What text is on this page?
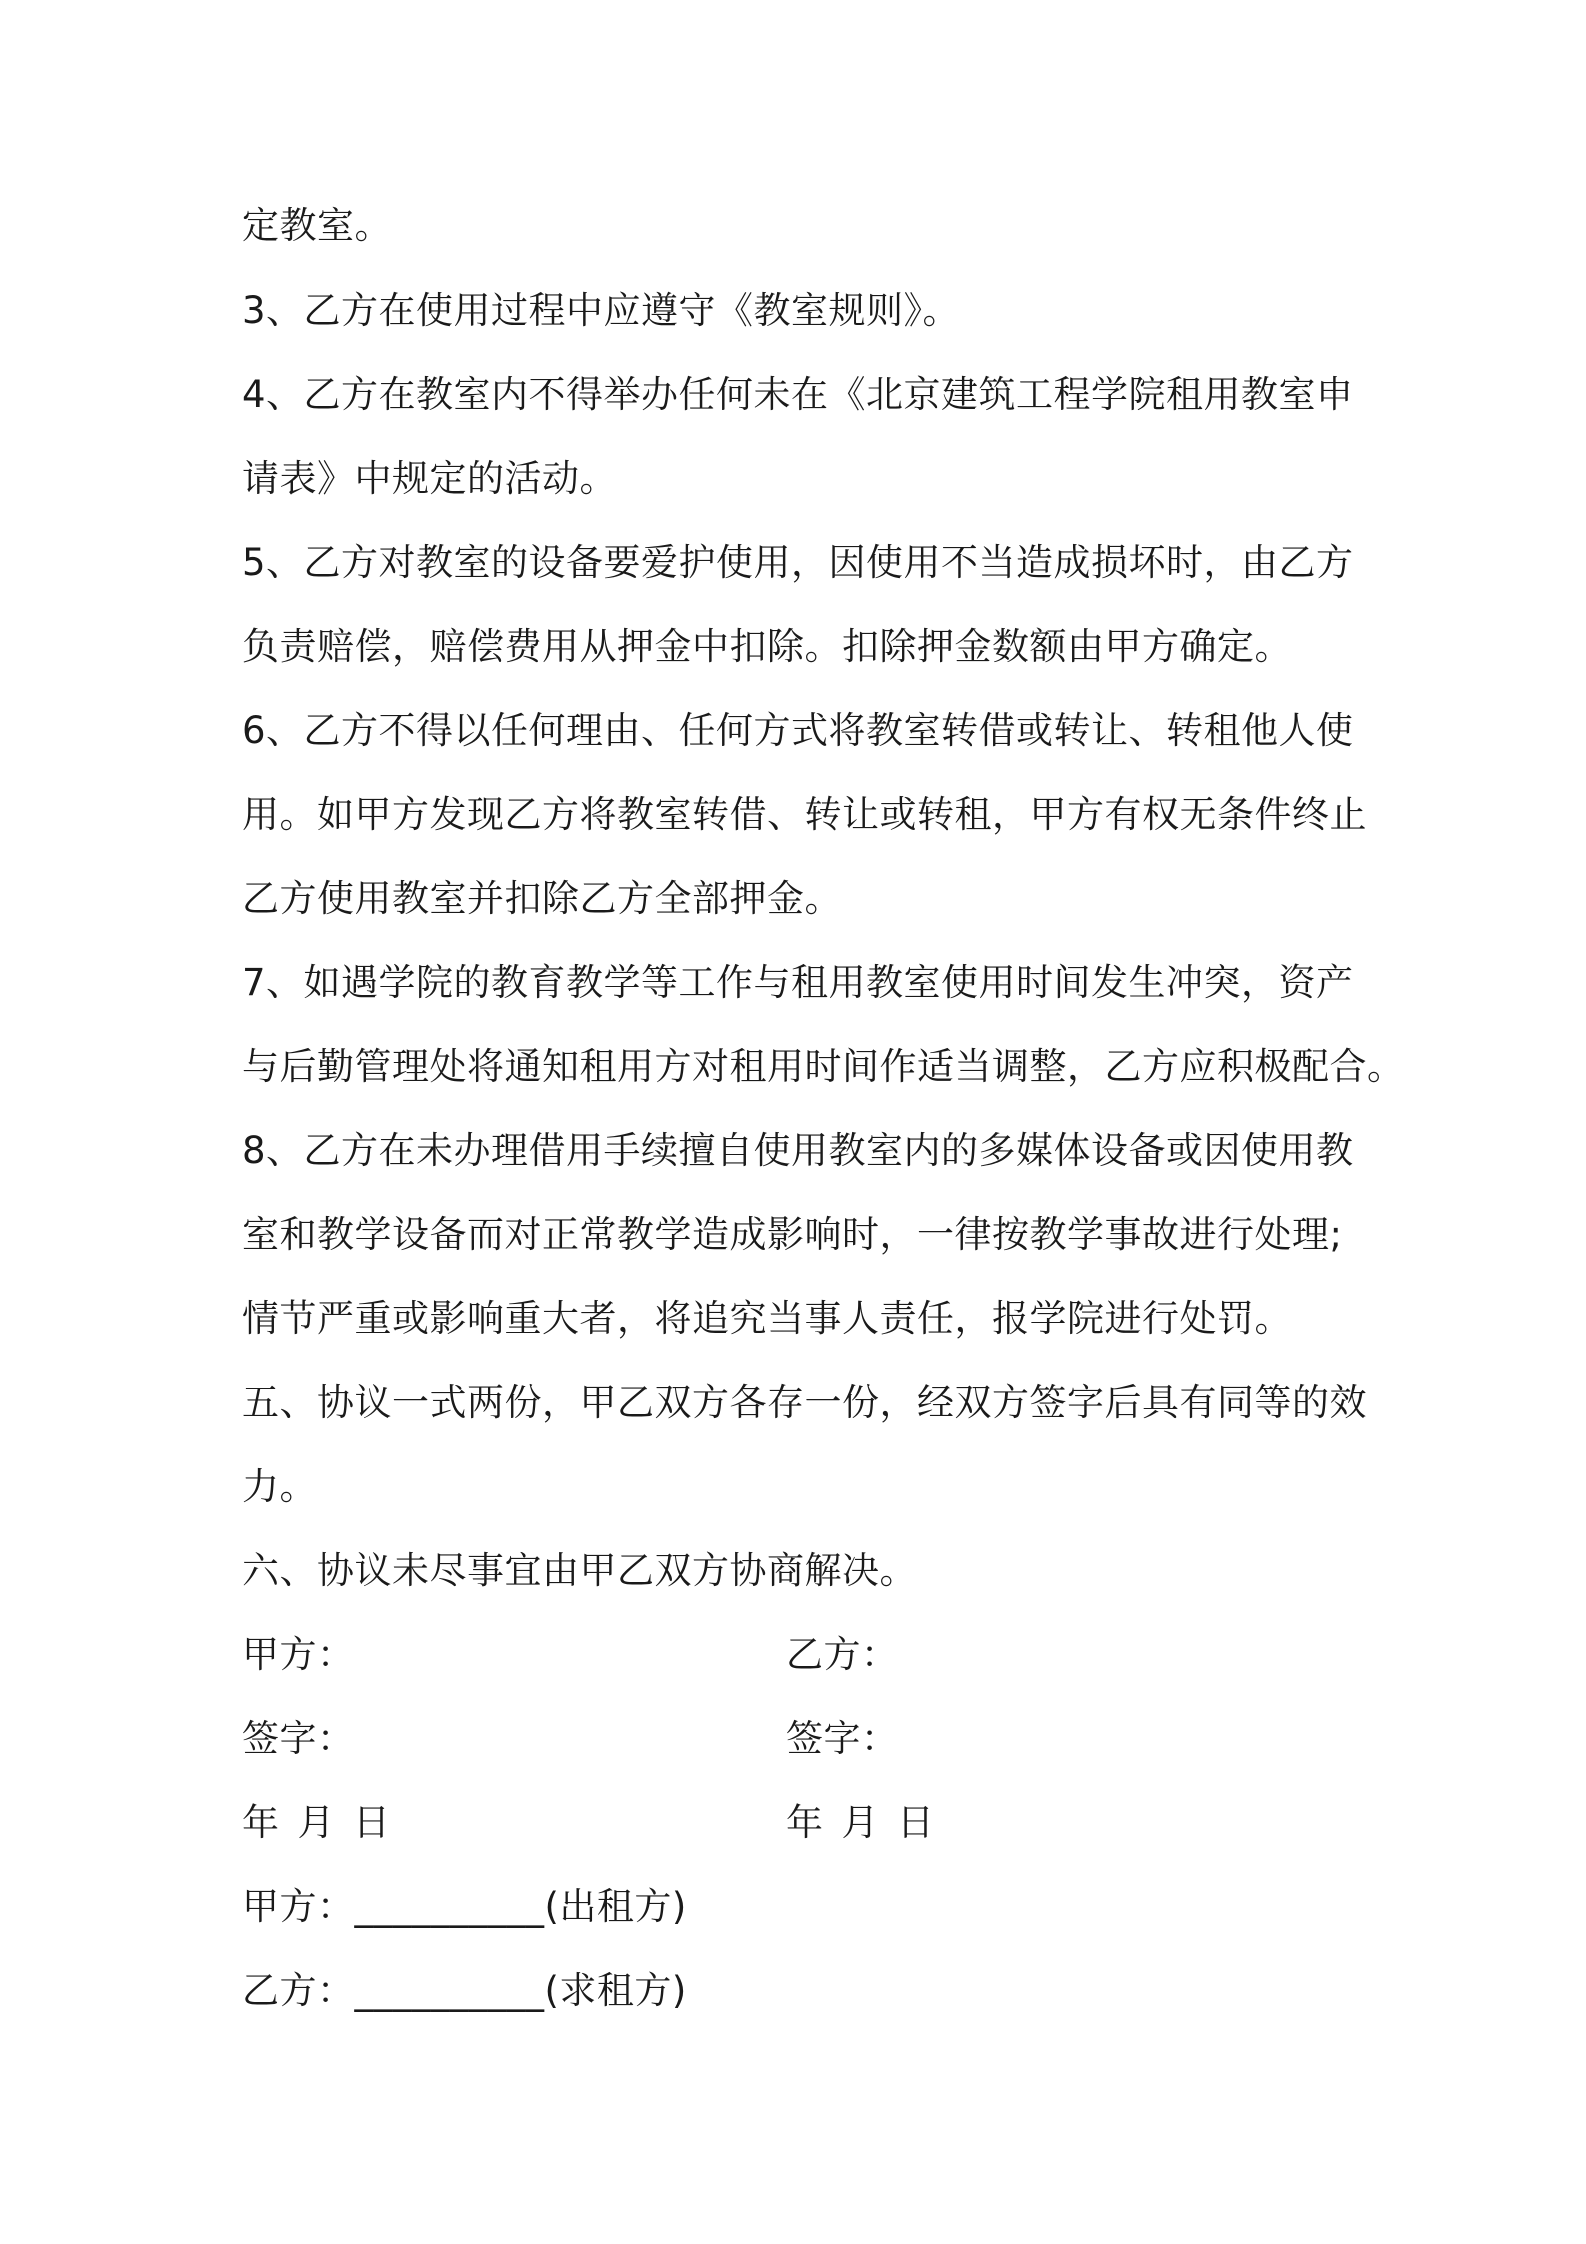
定教室。
3、乙方在使用过程中应遵守《教室规则》。
4、乙方在教室内不得举办任何未在《北京建筑工程学院租用教室申
请表》中规定的活动。
5、乙方对教室的设备要爱护使用，因使用不当造成损坏时，由乙方
负责赔偿，赔偿费用从押金中扣除。扣除押金数额由甲方确定。
6、乙方不得以任何理由、任何方式将教室转借或转让、转租他人使
用。如甲方发现乙方将教室转借、转让或转租，甲方有权无条件终止
乙方使用教室并扣除乙方全部押金。
7、如遇学院的教育教学等工作与租用教室使用时间发生冲突，资产
与后勤管理处将通知租用方对租用时间作适当调整，乙方应积极配合。
8、乙方在未办理借用手续擅自使用教室内的多媒体设备或因使用教
室和教学设备而对正常教学造成影响时，一律按教学事故进行处理;
情节严重或影响重大者，将追究当事人责任，报学院进行处罚。
五、协议一式两份，甲乙双方各存一份，经双方签字后具有同等的效
力。
六、协议未尽事宜由甲乙双方协商解决。
甲方：	乙方：
签字：	签字：
年 月 日	年 月 日
甲方：__________(出租方)
乙方：__________(求租方)
